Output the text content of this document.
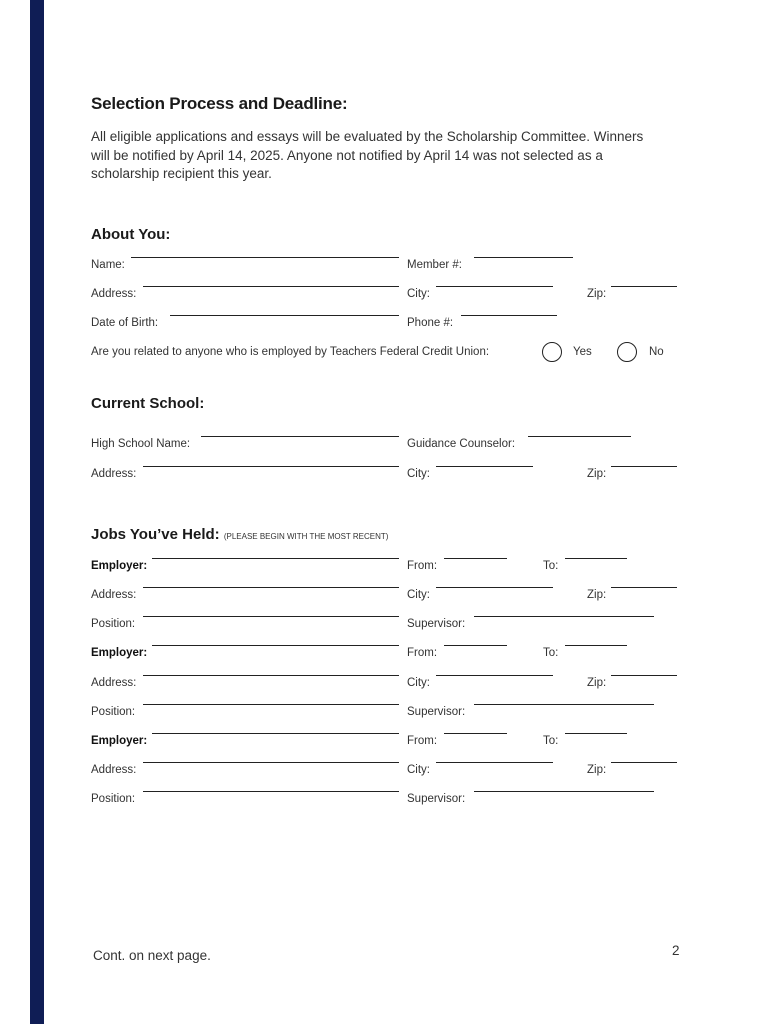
Selection Process and Deadline:
All eligible applications and essays will be evaluated by the Scholarship Committee. Winners will be notified by April 14, 2025. Anyone not notified by April 14 was not selected as a scholarship recipient this year.
About You:
Name:	Member #:
Address:	City:	Zip:
Date of Birth:	Phone #:
Are you related to anyone who is employed by Teachers Federal Credit Union:	Yes	No
Current School:
High School Name:	Guidance Counselor:
Address:	City:	Zip:
Jobs You’ve Held: (PLEASE BEGIN WITH THE MOST RECENT)
Employer:	From:	To:
Address:	City:	Zip:
Position:	Supervisor:
Employer:	From:	To:
Address:	City:	Zip:
Position:	Supervisor:
Employer:	From:	To:
Address:	City:	Zip:
Position:	Supervisor:
Cont. on next page.	2
